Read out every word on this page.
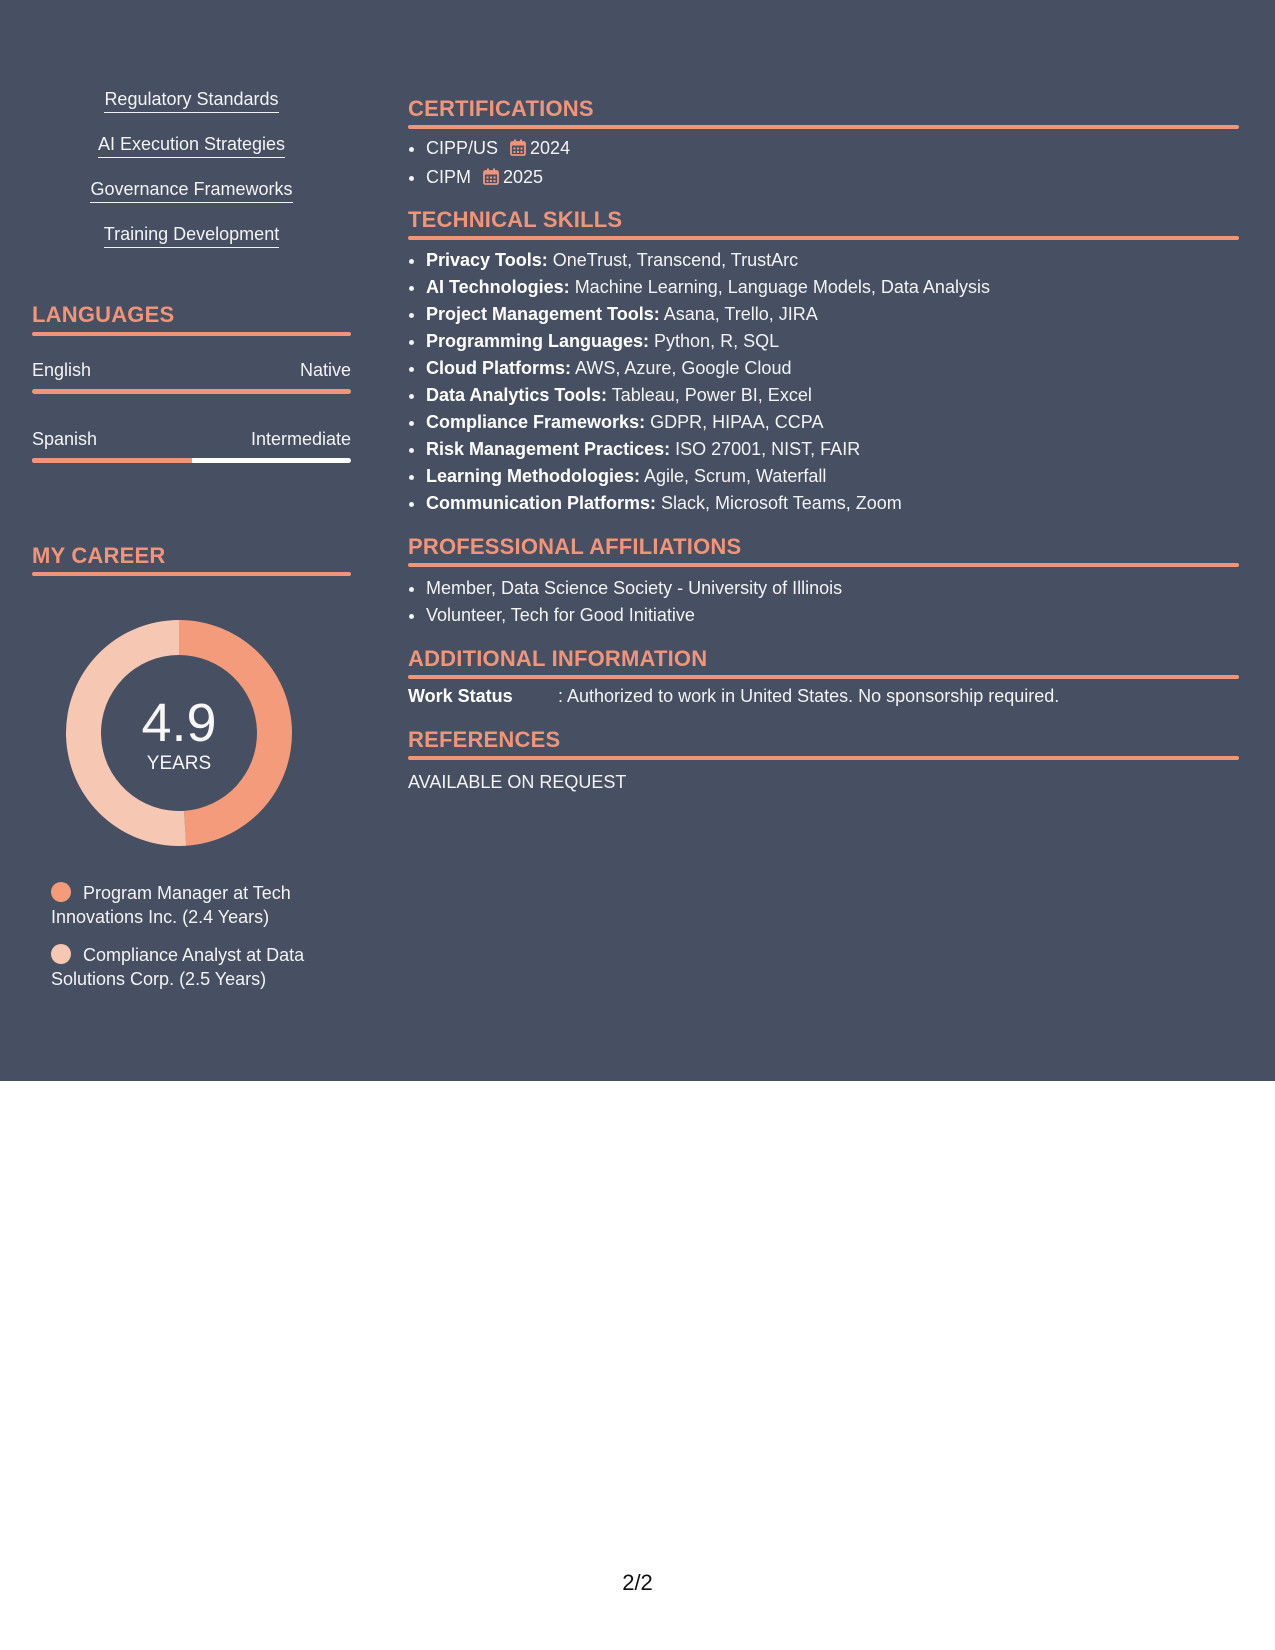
Regulatory Standards
AI Execution Strategies
Governance Frameworks
Training Development
LANGUAGES
English	Native
Spanish	Intermediate
MY CAREER
4.9
YEARS
Program Manager at Tech Innovations Inc. (2.4 Years)
Compliance Analyst at Data Solutions Corp. (2.5 Years)
CERTIFICATIONS
• CIPP/US 2024
• CIPM 2025
TECHNICAL SKILLS
• Privacy Tools: OneTrust, Transcend, TrustArc
• AI Technologies: Machine Learning, Language Models, Data Analysis
• Project Management Tools: Asana, Trello, JIRA
• Programming Languages: Python, R, SQL
• Cloud Platforms: AWS, Azure, Google Cloud
• Data Analytics Tools: Tableau, Power BI, Excel
• Compliance Frameworks: GDPR, HIPAA, CCPA
• Risk Management Practices: ISO 27001, NIST, FAIR
• Learning Methodologies: Agile, Scrum, Waterfall
• Communication Platforms: Slack, Microsoft Teams, Zoom
PROFESSIONAL AFFILIATIONS
• Member, Data Science Society - University of Illinois
• Volunteer, Tech for Good Initiative
ADDITIONAL INFORMATION
Work Status	: Authorized to work in United States. No sponsorship required.
REFERENCES
AVAILABLE ON REQUEST
2/2
